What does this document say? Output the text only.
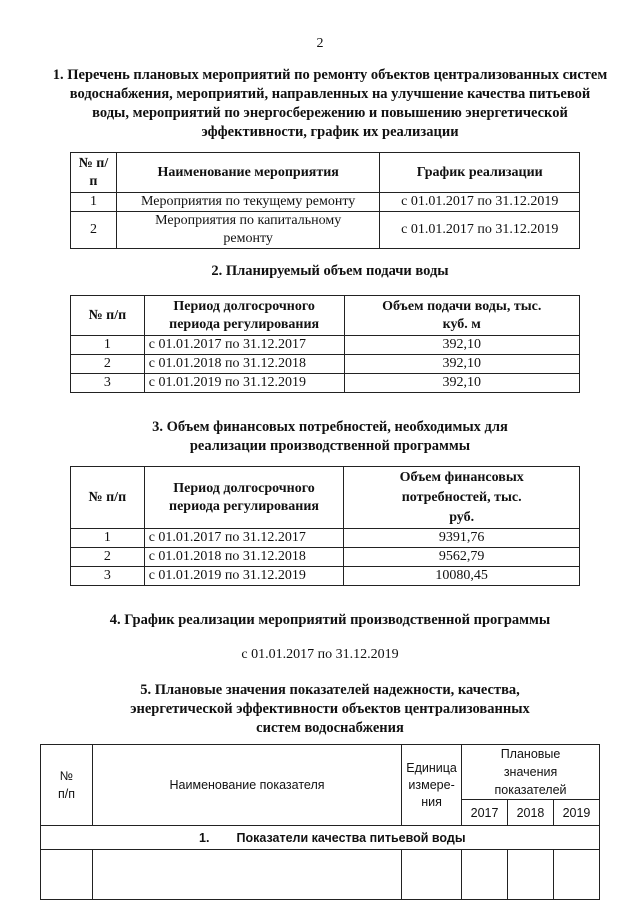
2
1. Перечень плановых мероприятий по ремонту объектов централизованных систем водоснабжения, мероприятий, направленных на улучшение качества питьевой воды, мероприятий по энергосбережению и повышению энергетической эффективности, график их реализации
№ п/п	Наименование мероприятия	График реализации
1	Мероприятия по текущему ремонту	с 01.01.2017 по 31.12.2019
2	Мероприятия по капитальному ремонту	с 01.01.2017 по 31.12.2019
2. Планируемый объем подачи воды
№ п/п	Период долгосрочного периода регулирования	Объем подачи воды, тыс. куб. м
1	с 01.01.2017 по 31.12.2017	392,10
2	с 01.01.2018 по 31.12.2018	392,10
3	с 01.01.2019 по 31.12.2019	392,10
3. Объем финансовых потребностей, необходимых для реализации производственной программы
№ п/п	Период долгосрочного периода регулирования	Объем финансовых потребностей, тыс. руб.
1	с 01.01.2017 по 31.12.2017	9391,76
2	с 01.01.2018 по 31.12.2018	9562,79
3	с 01.01.2019 по 31.12.2019	10080,45
4. График реализации мероприятий производственной программы
с 01.01.2017 по 31.12.2019
5. Плановые значения показателей надежности, качества, энергетической эффективности объектов централизованных систем водоснабжения
№ п/п	Наименование показателя	Единица измере- ния	Плановые значения показателей		
			2017	2018	2019
1. Показатели качества питьевой воды					
